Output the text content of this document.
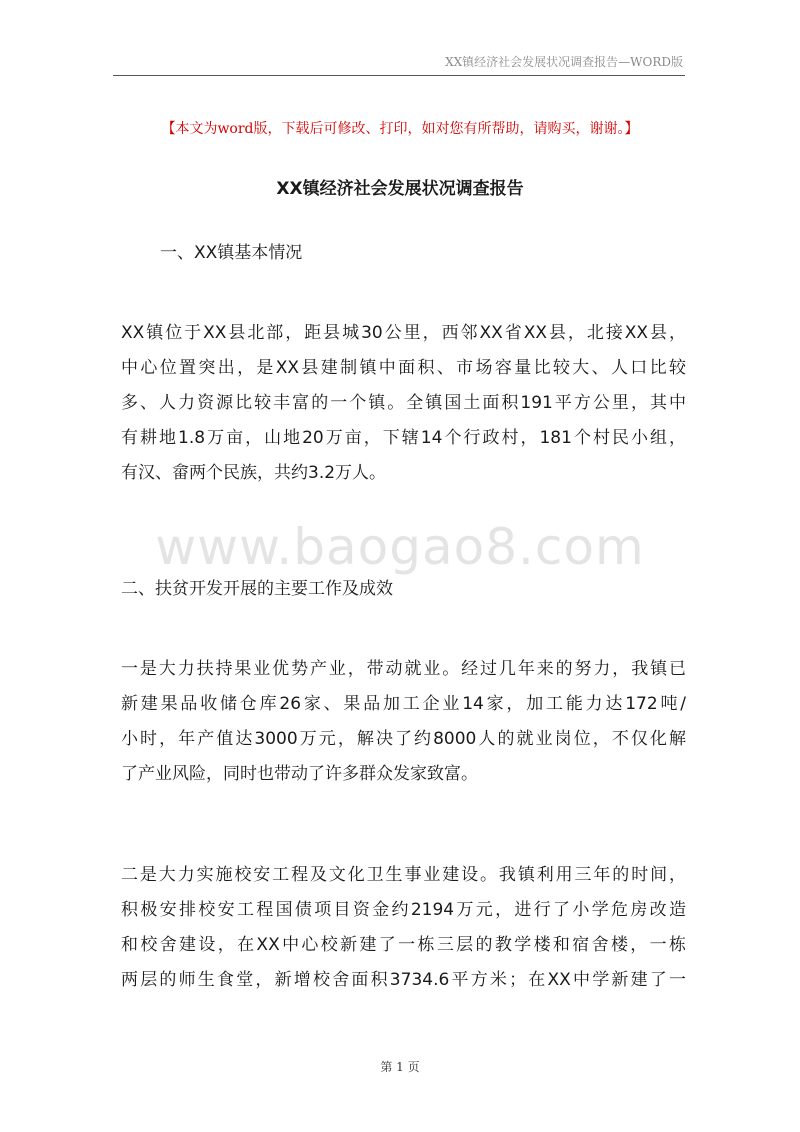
XX镇经济社会发展状况调查报告—WORD版
【本文为word版，下载后可修改、打印，如对您有所帮助，请购买，谢谢。】
XX镇经济社会发展状况调查报告
一、XX镇基本情况
XX镇位于XX县北部，距县城30公里，西邻XX省XX县，北接XX县，
中心位置突出，是XX县建制镇中面积、市场容量比较大、人口比较
多、人力资源比较丰富的一个镇。全镇国土面积191平方公里，其中
有耕地1.8万亩，山地20万亩，下辖14个行政村，181个村民小组，
有汉、畲两个民族，共约3.2万人。
www.baogao8.com
二、扶贫开发开展的主要工作及成效
一是大力扶持果业优势产业，带动就业。经过几年来的努力，我镇已
新建果品收储仓库26家、果品加工企业14家，加工能力达172吨/
小时，年产值达3000万元，解决了约8000人的就业岗位，不仅化解
了产业风险，同时也带动了许多群众发家致富。
二是大力实施校安工程及文化卫生事业建设。我镇利用三年的时间，
积极安排校安工程国债项目资金约2194万元，进行了小学危房改造
和校舍建设，在XX中心校新建了一栋三层的教学楼和宿舍楼，一栋
两层的师生食堂，新增校舍面积3734.6平方米；在XX中学新建了一
第 1 页
